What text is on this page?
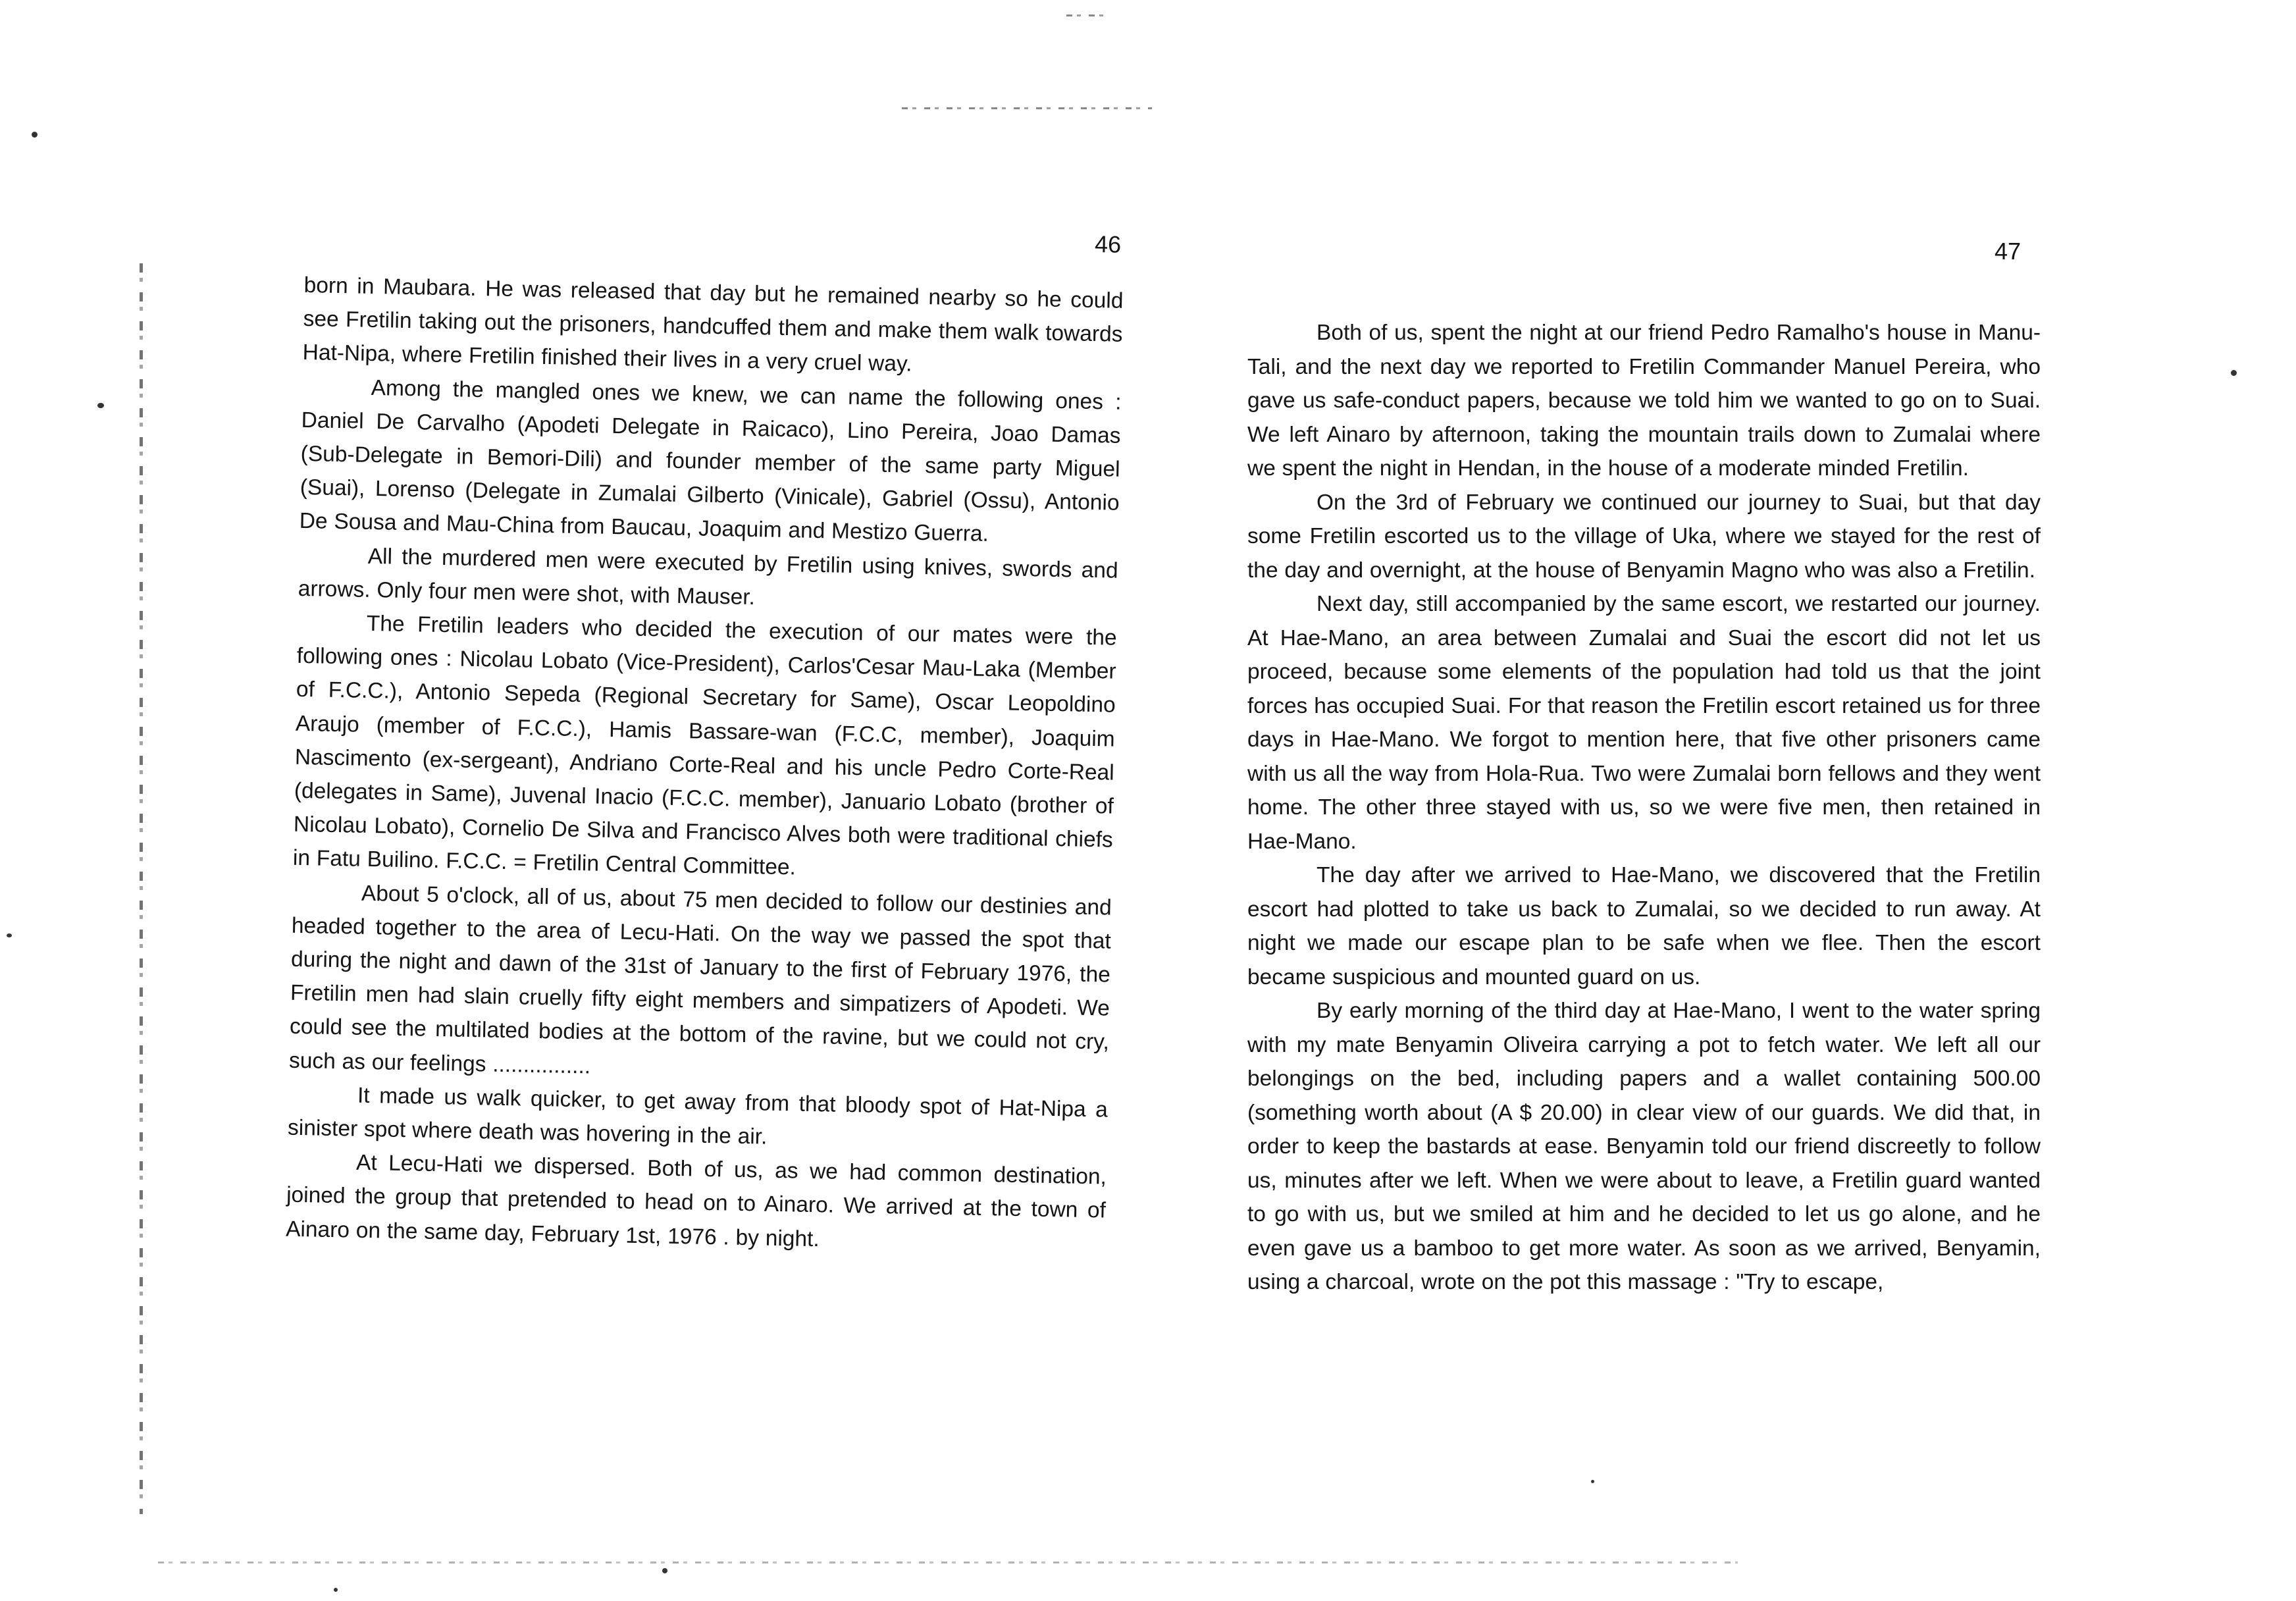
46

born in Maubara. He was released that day but he remained nearby so he could see Fretilin taking out the prisoners, handcuffed them and make them walk towards Hat-Nipa, where Fretilin finished their lives in a very cruel way.

Among the mangled ones we knew, we can name the following ones : Daniel De Carvalho (Apodeti Delegate in Raicaco), Lino Pereira, Joao Damas (Sub-Delegate in Bemori-Dili) and founder member of the same party Miguel (Suai), Lorenso (Delegate in Zumalai Gilberto (Vinicale), Gabriel (Ossu), Antonio De Sousa and Mau-China from Baucau, Joaquim and Mestizo Guerra.

All the murdered men were executed by Fretilin using knives, swords and arrows. Only four men were shot, with Mauser.

The Fretilin leaders who decided the execution of our mates were the following ones : Nicolau Lobato (Vice-President), Carlos'Cesar Mau-Laka (Member of F.C.C.), Antonio Sepeda (Regional Secretary for Same), Oscar Leopoldino Araujo (member of F.C.C.), Hamis Bassare-wan (F.C.C, member), Joaquim Nascimento (ex-sergeant), Andriano Corte-Real and his uncle Pedro Corte-Real (delegates in Same), Juvenal Inacio (F.C.C. member), Januario Lobato (brother of Nicolau Lobato), Cornelio De Silva and Francisco Alves both were traditional chiefs in Fatu Builino. F.C.C. = Fretilin Central Committee.

About 5 o'clock, all of us, about 75 men decided to follow our destinies and headed together to the area of Lecu-Hati. On the way we passed the spot that during the night and dawn of the 31st of January to the first of February 1976, the Fretilin men had slain cruelly fifty eight members and simpatizers of Apodeti. We could see the multilated bodies at the bottom of the ravine, but we could not cry, such as our feelings ................

It made us walk quicker, to get away from that bloody spot of Hat-Nipa a sinister spot where death was hovering in the air.

At Lecu-Hati we dispersed. Both of us, as we had common destination, joined the group that pretended to head on to Ainaro. We arrived at the town of Ainaro on the same day, February 1st, 1976 . by night.

47

Both of us, spent the night at our friend Pedro Ramalho's house in Manu-Tali, and the next day we reported to Fretilin Commander Manuel Pereira, who gave us safe-conduct papers, because we told him we wanted to go on to Suai. We left Ainaro by afternoon, taking the mountain trails down to Zumalai where we spent the night in Hendan, in the house of a moderate minded Fretilin.

On the 3rd of February we continued our journey to Suai, but that day some Fretilin escorted us to the village of Uka, where we stayed for the rest of the day and overnight, at the house of Benyamin Magno who was also a Fretilin.

Next day, still accompanied by the same escort, we restarted our journey. At Hae-Mano, an area between Zumalai and Suai the escort did not let us proceed, because some elements of the population had told us that the joint forces has occupied Suai. For that reason the Fretilin escort retained us for three days in Hae-Mano. We forgot to mention here, that five other prisoners came with us all the way from Hola-Rua. Two were Zumalai born fellows and they went home. The other three stayed with us, so we were five men, then retained in Hae-Mano.

The day after we arrived to Hae-Mano, we discovered that the Fretilin escort had plotted to take us back to Zumalai, so we decided to run away. At night we made our escape plan to be safe when we flee. Then the escort became suspicious and mounted guard on us.

By early morning of the third day at Hae-Mano, I went to the water spring with my mate Benyamin Oliveira carrying a pot to fetch water. We left all our belongings on the bed, including papers and a wallet containing 500.00 (something worth about (A $ 20.00) in clear view of our guards. We did that, in order to keep the bastards at ease. Benyamin told our friend discreetly to follow us, minutes after we left. When we were about to leave, a Fretilin guard wanted to go with us, but we smiled at him and he decided to let us go alone, and he even gave us a bamboo to get more water. As soon as we arrived, Benyamin, using a charcoal, wrote on the pot this massage : "Try to escape,
